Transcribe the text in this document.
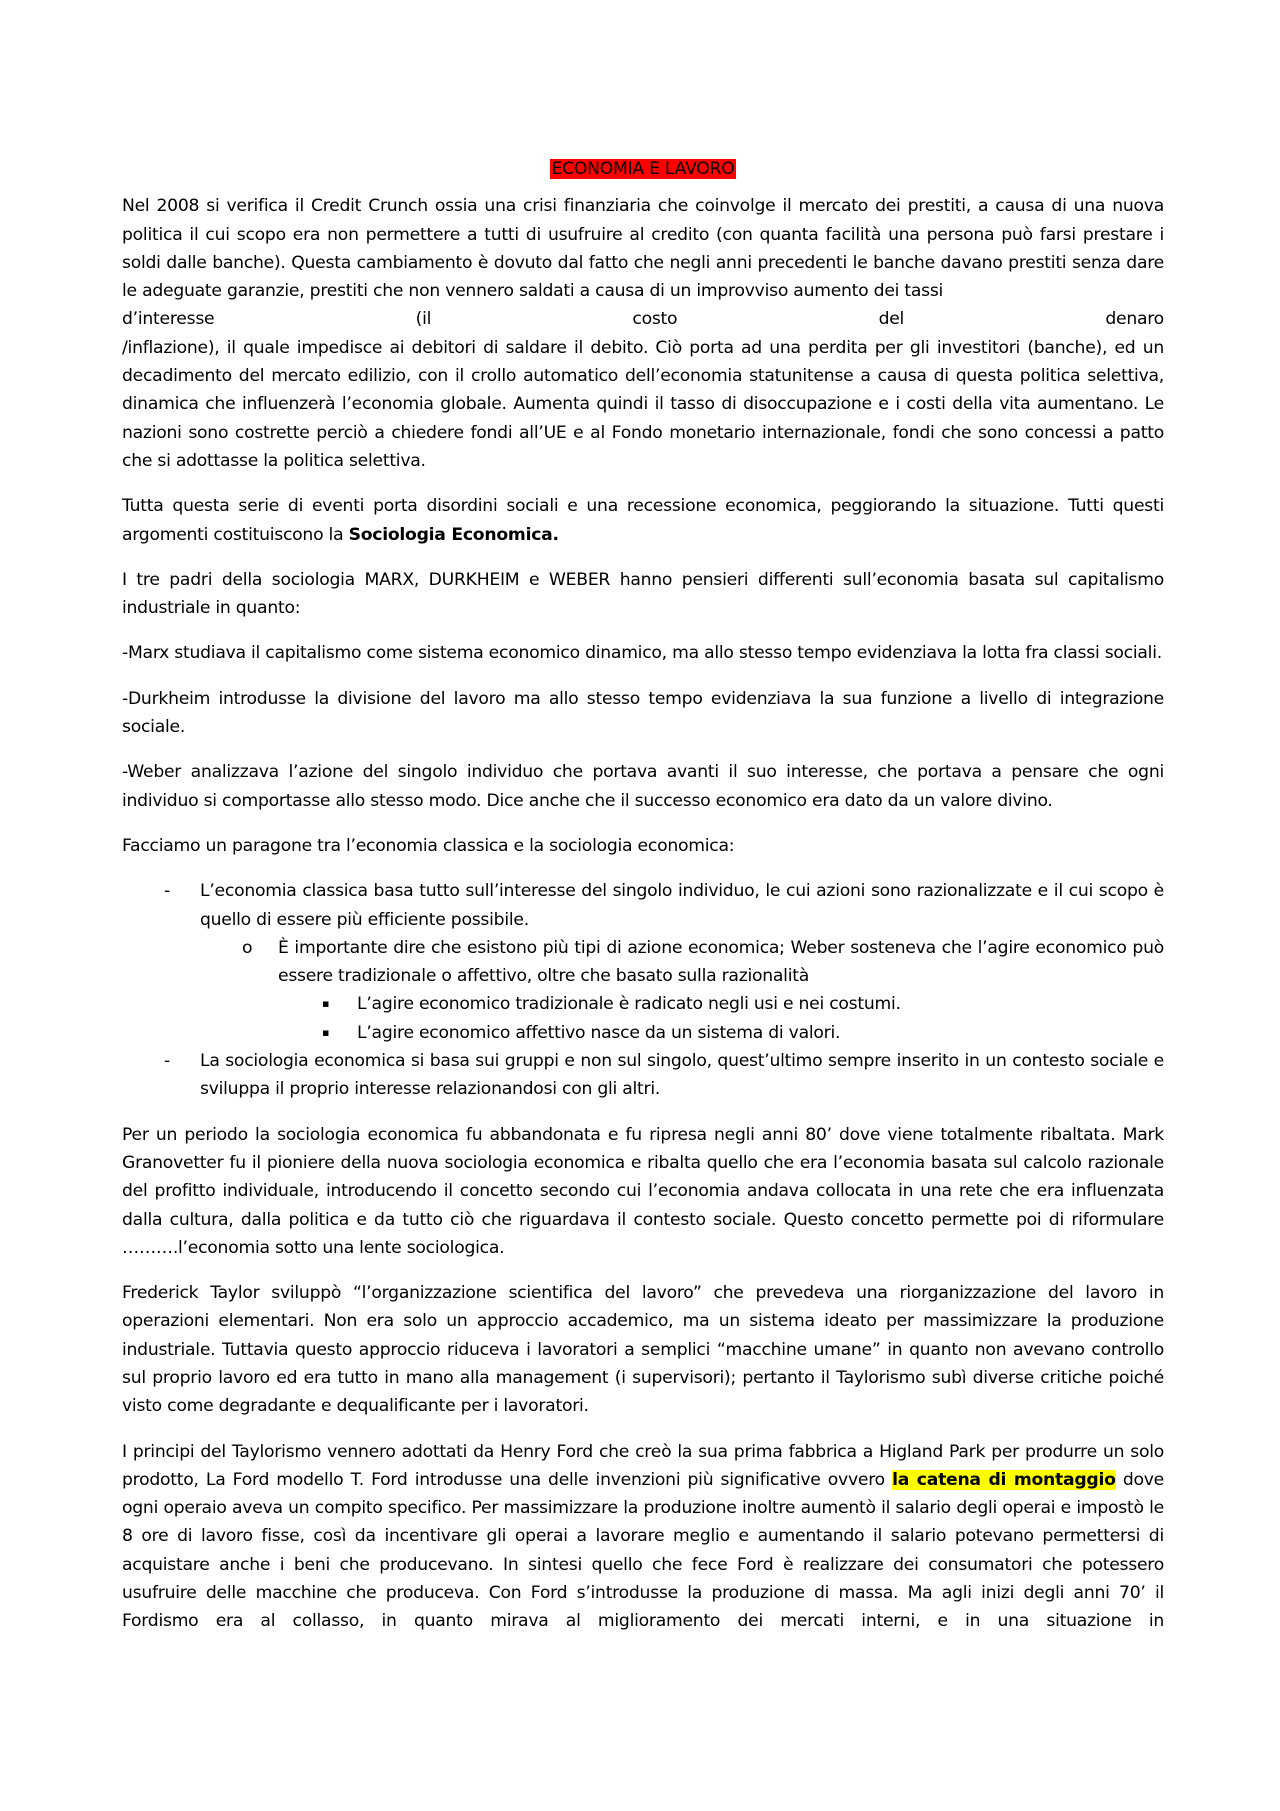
ECONOMIA E LAVORO

Nel 2008 si verifica il Credit Crunch ossia una crisi finanziaria che coinvolge il mercato dei prestiti, a causa di una nuova politica il cui scopo era non permettere a tutti di usufruire al credito (con quanta facilità una persona può farsi prestare i soldi dalle banche). Questa cambiamento è dovuto dal fatto che negli anni precedenti le banche davano prestiti senza dare le adeguate garanzie, prestiti che non vennero saldati a causa di un improvviso aumento dei tassi
d’interesse	(il	costo	del	denaro
/inflazione), il quale impedisce ai debitori di saldare il debito. Ciò porta ad una perdita per gli investitori (banche), ed un decadimento del mercato edilizio, con il crollo automatico dell’economia statunitense a causa di questa politica selettiva, dinamica che influenzerà l’economia globale. Aumenta quindi il tasso di disoccupazione e i costi della vita aumentano. Le nazioni sono costrette perciò a chiedere fondi all’UE e al Fondo monetario internazionale, fondi che sono concessi a patto che si adottasse la politica selettiva.

Tutta questa serie di eventi porta disordini sociali e una recessione economica, peggiorando la situazione. Tutti questi argomenti costituiscono la Sociologia Economica.

I tre padri della sociologia MARX, DURKHEIM e WEBER hanno pensieri differenti sull’economia basata sul capitalismo industriale in quanto:

-Marx studiava il capitalismo come sistema economico dinamico, ma allo stesso tempo evidenziava la lotta fra classi sociali.

-Durkheim introdusse la divisione del lavoro ma allo stesso tempo evidenziava la sua funzione a livello di integrazione sociale.

-Weber analizzava l’azione del singolo individuo che portava avanti il suo interesse, che portava a pensare che ogni individuo si comportasse allo stesso modo. Dice anche che il successo economico era dato da un valore divino.

Facciamo un paragone tra l’economia classica e la sociologia economica:

- L’economia classica basa tutto sull’interesse del singolo individuo, le cui azioni sono razionalizzate e il cui scopo è quello di essere più efficiente possibile.
o È importante dire che esistono più tipi di azione economica; Weber sosteneva che l’agire economico può essere tradizionale o affettivo, oltre che basato sulla razionalità
▪ L’agire economico tradizionale è radicato negli usi e nei costumi.
▪ L’agire economico affettivo nasce da un sistema di valori.
- La sociologia economica si basa sui gruppi e non sul singolo, quest’ultimo sempre inserito in un contesto sociale e sviluppa il proprio interesse relazionandosi con gli altri.

Per un periodo la sociologia economica fu abbandonata e fu ripresa negli anni 80’ dove viene totalmente ribaltata. Mark Granovetter fu il pioniere della nuova sociologia economica e ribalta quello che era l’economia basata sul calcolo razionale del profitto individuale, introducendo il concetto secondo cui l’economia andava collocata in una rete che era influenzata dalla cultura, dalla politica e da tutto ciò che riguardava il contesto sociale. Questo concetto permette poi di riformulare ……….l’economia sotto una lente sociologica.

Frederick Taylor sviluppò “l’organizzazione scientifica del lavoro” che prevedeva una riorganizzazione del lavoro in operazioni elementari. Non era solo un approccio accademico, ma un sistema ideato per massimizzare la produzione industriale. Tuttavia questo approccio riduceva i lavoratori a semplici “macchine umane” in quanto non avevano controllo sul proprio lavoro ed era tutto in mano alla management (i supervisori); pertanto il Taylorismo subì diverse critiche poiché visto come degradante e dequalificante per i lavoratori.

I principi del Taylorismo vennero adottati da Henry Ford che creò la sua prima fabbrica a Higland Park per produrre un solo prodotto, La Ford modello T. Ford introdusse una delle invenzioni più significative ovvero la catena di montaggio dove ogni operaio aveva un compito specifico. Per massimizzare la produzione inoltre aumentò il salario degli operai e impostò le 8 ore di lavoro fisse, così da incentivare gli operai a lavorare meglio e aumentando il salario potevano permettersi di acquistare anche i beni che producevano. In sintesi quello che fece Ford è realizzare dei consumatori che potessero usufruire delle macchine che produceva. Con Ford s’introdusse la produzione di massa. Ma agli inizi degli anni 70’ il Fordismo era al collasso, in quanto mirava al miglioramento dei mercati interni, e in una situazione in
